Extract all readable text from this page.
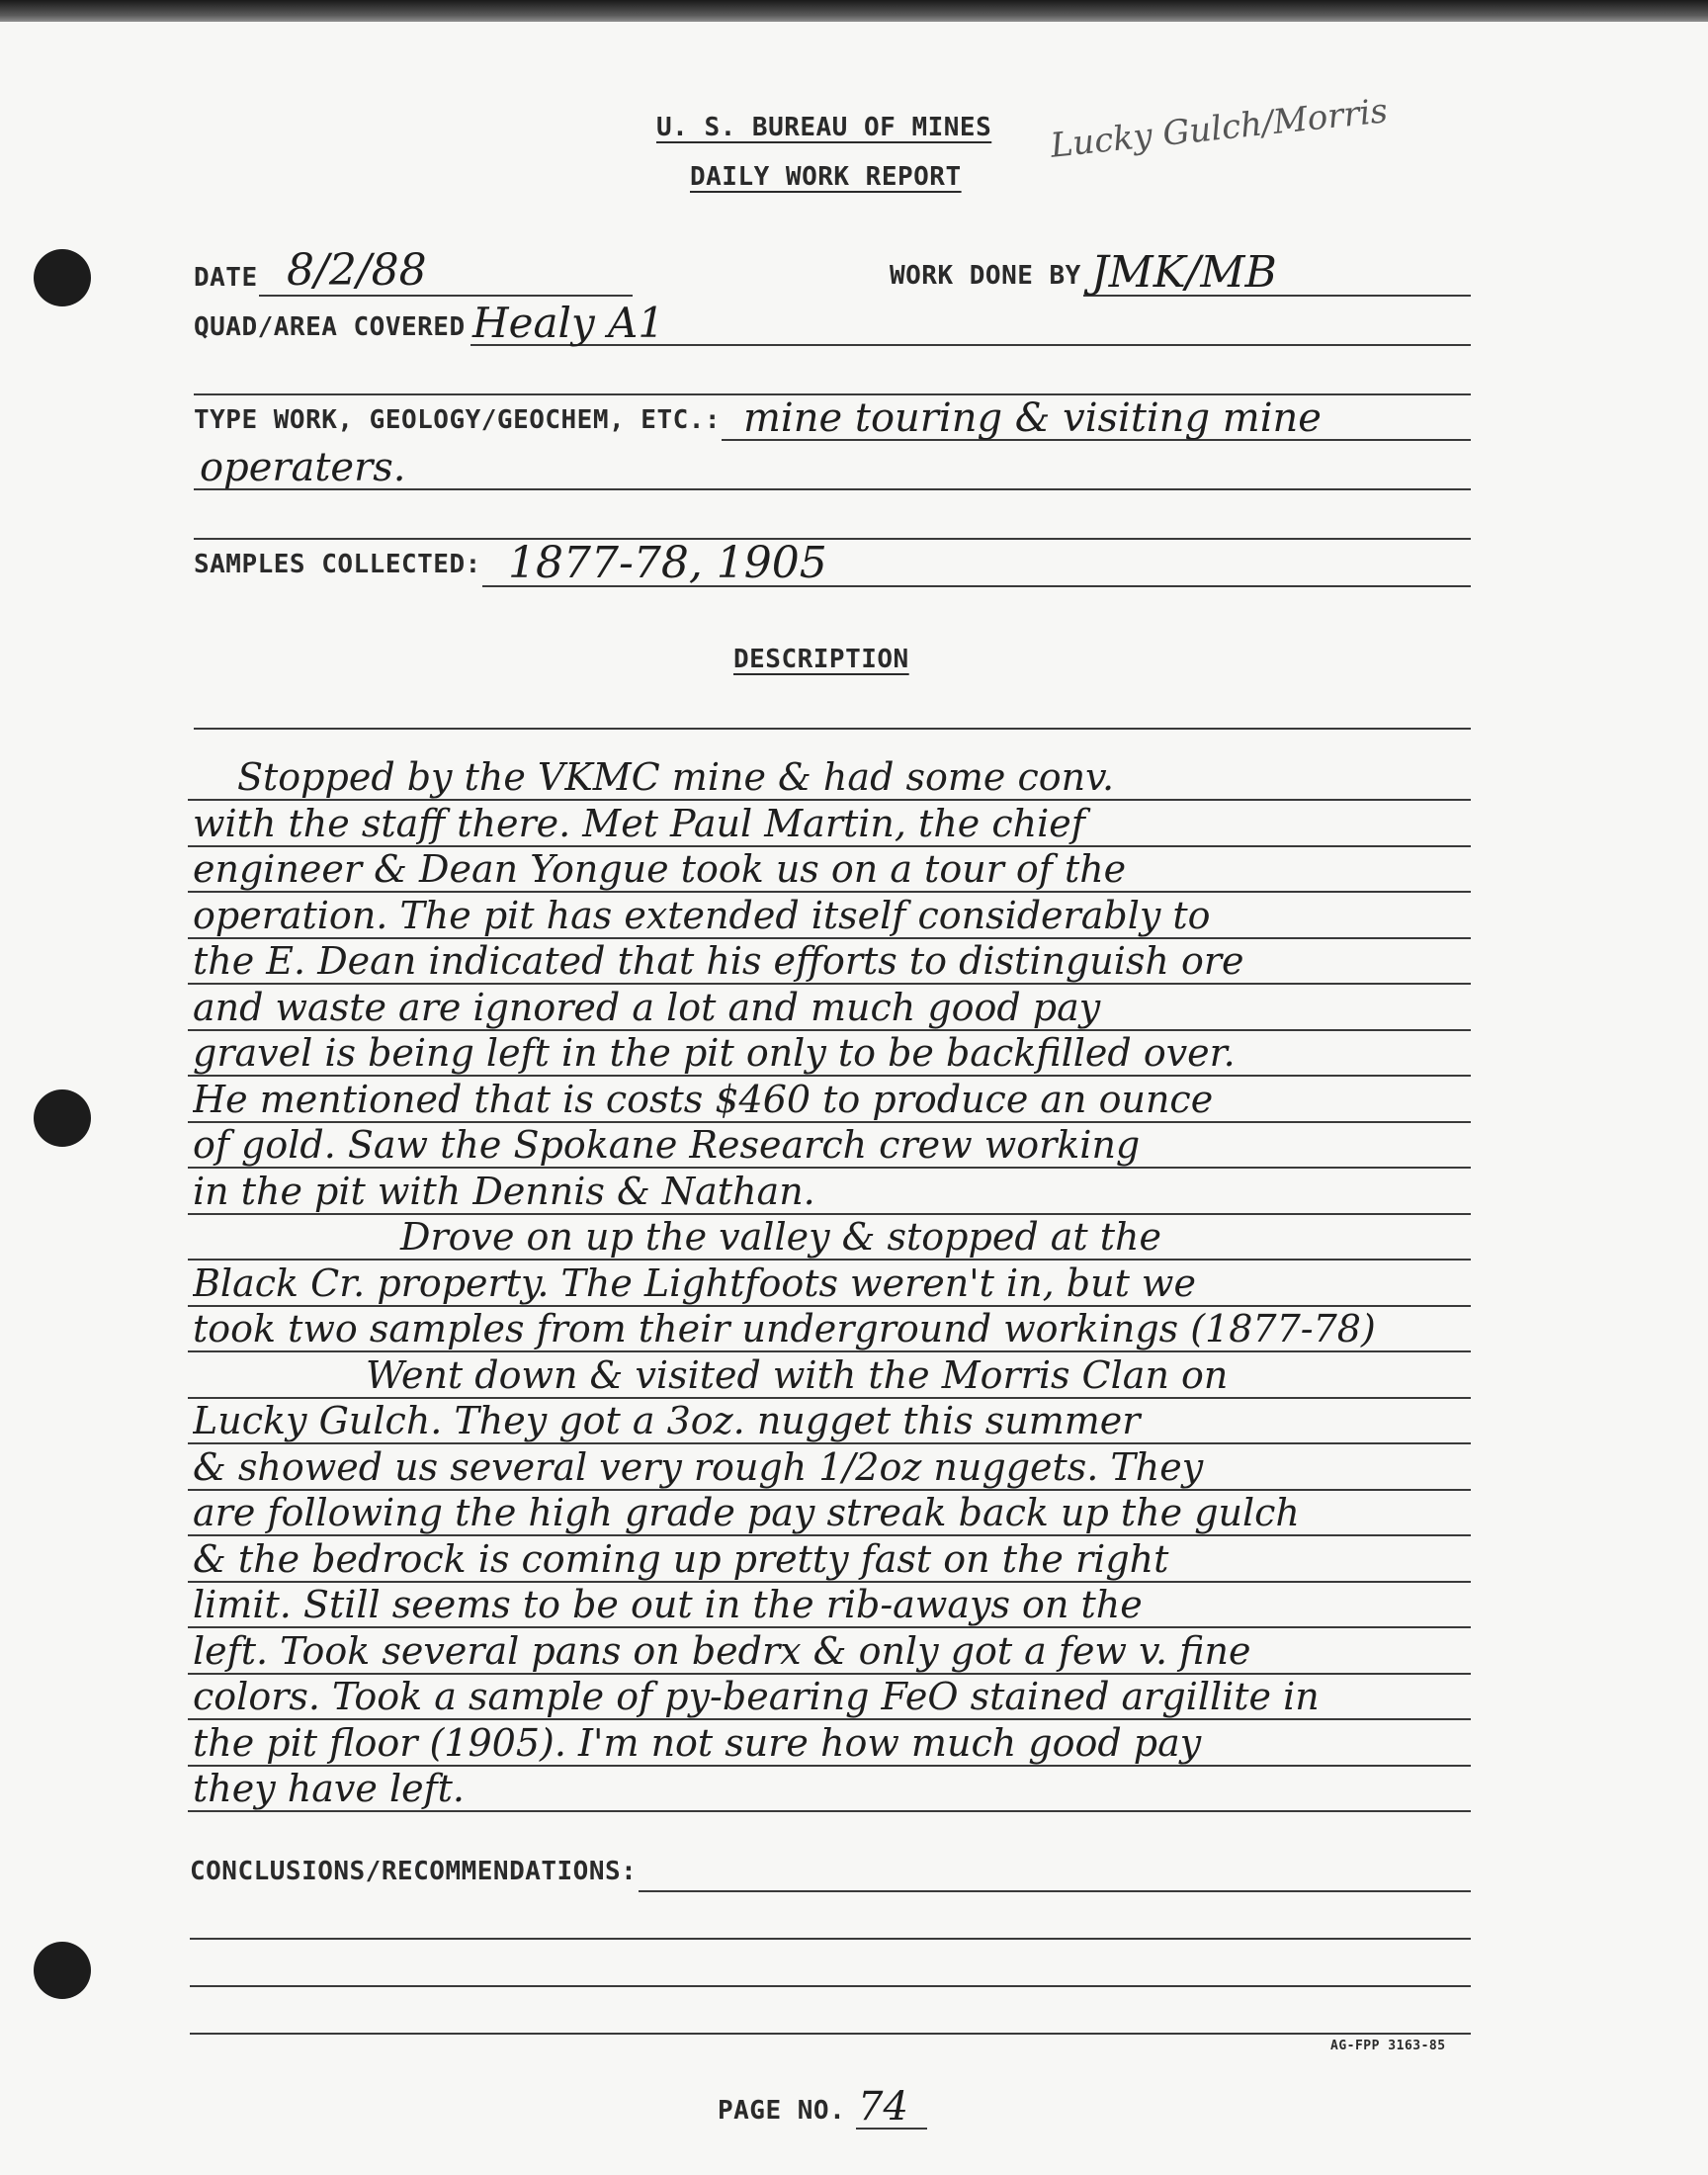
U. S. BUREAU OF MINES
DAILY WORK REPORT
Lucky Gulch/Morris
DATE 8/2/88	WORK DONE BY JMK/MB
QUAD/AREA COVERED Healy A1
TYPE WORK, GEOLOGY/GEOCHEM, ETC.: mine touring & visiting mine
operaters.
SAMPLES COLLECTED: 1877-78, 1905
DESCRIPTION
Stopped by the VKMC mine & had some conv.
with the staff there. Met Paul Martin, the chief
engineer & Dean Yongue took us on a tour of the
operation. The pit has extended itself considerably to
the E. Dean indicated that his efforts to distinguish ore
and waste are ignored a lot and much good pay
gravel is being left in the pit only to be backfilled over.
He mentioned that is costs $460 to produce an ounce
of gold. Saw the Spokane Research crew working
in the pit with Dennis & Nathan.
Drove on up the valley & stopped at the
Black Cr. property. The Lightfoots weren't in, but we
took two samples from their underground workings (1877-78)
Went down & visited with the Morris Clan on
Lucky Gulch. They got a 3oz. nugget this summer
& showed us several very rough 1/2oz nuggets. They
are following the high grade pay streak back up the gulch
& the bedrock is coming up pretty fast on the right
limit. Still seems to be out in the rib-aways on the
left. Took several pans on bedrx & only got a few v. fine
colors. Took a sample of py-bearing FeO stained argillite in
the pit floor (1905). I'm not sure how much good pay
they have left.
CONCLUSIONS/RECOMMENDATIONS:
AG-FPP 3163-85
PAGE NO. 74
